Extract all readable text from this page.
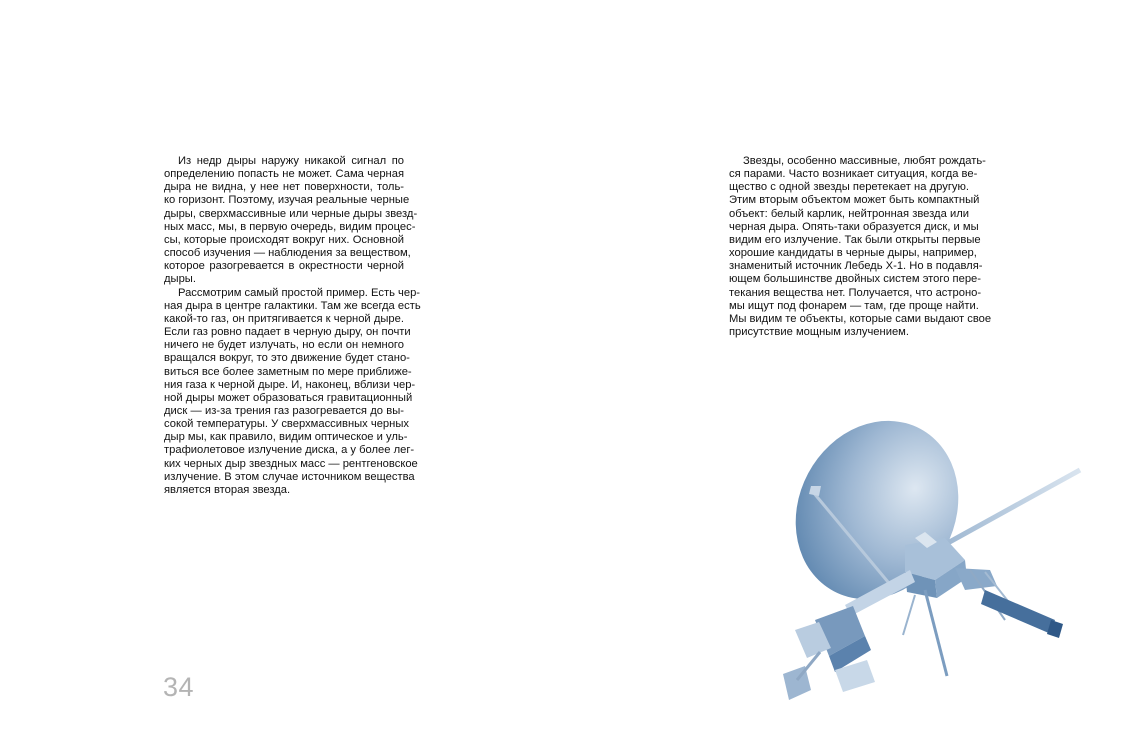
Из недр дыры наружу никакой сигнал по
определению попасть не может. Сама черная
дыра не видна, у нее нет поверхности, толь-
ко горизонт. Поэтому, изучая реальные черные
дыры, сверхмассивные или черные дыры звезд-
ных масс, мы, в первую очередь, видим процес-
сы, которые происходят вокруг них. Основной
способ изучения — наблюдения за веществом,
которое разогревается в окрестности черной
дыры.

Рассмотрим самый простой пример. Есть чер-
ная дыра в центре галактики. Там же всегда есть
какой-то газ, он притягивается к черной дыре.
Если газ ровно падает в черную дыру, он почти
ничего не будет излучать, но если он немного
вращался вокруг, то это движение будет стано-
виться все более заметным по мере приближе-
ния газа к черной дыре. И, наконец, вблизи чер-
ной дыры может образоваться гравитационный
диск — из-за трения газ разогревается до вы-
сокой температуры. У сверхмассивных черных
дыр мы, как правило, видим оптическое и уль-
трафиолетовое излучение диска, а у более лег-
ких черных дыр звездных масс — рентгеновское
излучение. В этом случае источником вещества
является вторая звезда.

34

Звезды, особенно массивные, любят рождать-
ся парами. Часто возникает ситуация, когда ве-
щество с одной звезды перетекает на другую.
Этим вторым объектом может быть компактный
объект: белый карлик, нейтронная звезда или
черная дыра. Опять-таки образуется диск, и мы
видим его излучение. Так были открыты первые
хорошие кандидаты в черные дыры, например,
знаменитый источник Лебедь X-1. Но в подавля-
ющем большинстве двойных систем этого пере-
текания вещества нет. Получается, что астроно-
мы ищут под фонарем — там, где проще найти.
Мы видим те объекты, которые сами выдают свое
присутствие мощным излучением.
